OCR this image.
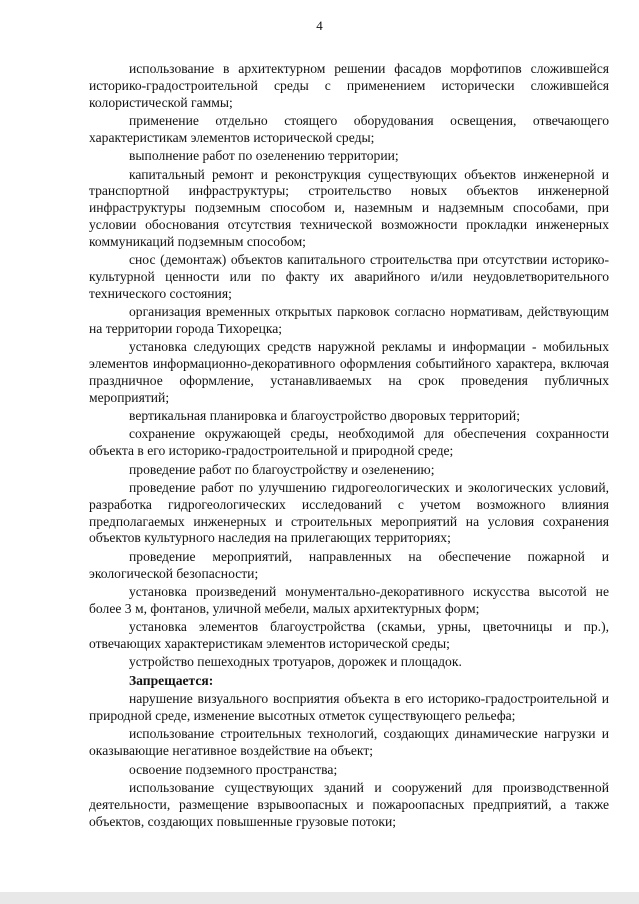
4

использование в архитектурном решении фасадов морфотипов сложившейся историко-градостроительной среды с применением исторически сложившейся колористической гаммы;

применение отдельно стоящего оборудования освещения, отвечающего характеристикам элементов исторической среды;

выполнение работ по озеленению территории;

капитальный ремонт и реконструкция существующих объектов инженерной и транспортной инфраструктуры; строительство новых объектов инженерной инфраструктуры подземным способом и, наземным и надземным способами, при условии обоснования отсутствия технической возможности прокладки инженерных коммуникаций подземным способом;

снос (демонтаж) объектов капитального строительства при отсутствии историко-культурной ценности или по факту их аварийного и/или неудовлетворительного технического состояния;

организация временных открытых парковок согласно нормативам, действующим на территории города Тихорецка;

установка следующих средств наружной рекламы и информации - мобильных элементов информационно-декоративного оформления событийного характера, включая праздничное оформление, устанавливаемых на срок проведения публичных мероприятий;

вертикальная планировка и благоустройство дворовых территорий;

сохранение окружающей среды, необходимой для обеспечения сохранности объекта в его историко-градостроительной и природной среде;

проведение работ по благоустройству и озеленению;

проведение работ по улучшению гидрогеологических и экологических условий, разработка гидрогеологических исследований с учетом возможного влияния предполагаемых инженерных и строительных мероприятий на условия сохранения объектов культурного наследия на прилегающих территориях;

проведение мероприятий, направленных на обеспечение пожарной и экологической безопасности;

установка произведений монументально-декоративного искусства высотой не более 3 м, фонтанов, уличной мебели, малых архитектурных форм;

установка элементов благоустройства (скамьи, урны, цветочницы и пр.), отвечающих характеристикам элементов исторической среды;

устройство пешеходных тротуаров, дорожек и площадок.

Запрещается:

нарушение визуального восприятия объекта в его историко-градостроительной и природной среде, изменение высотных отметок существующего рельефа;

использование строительных технологий, создающих динамические нагрузки и оказывающие негативное воздействие на объект;

освоение подземного пространства;

использование существующих зданий и сооружений для производственной деятельности, размещение взрывоопасных и пожароопасных предприятий, а также объектов, создающих повышенные грузовые потоки;
